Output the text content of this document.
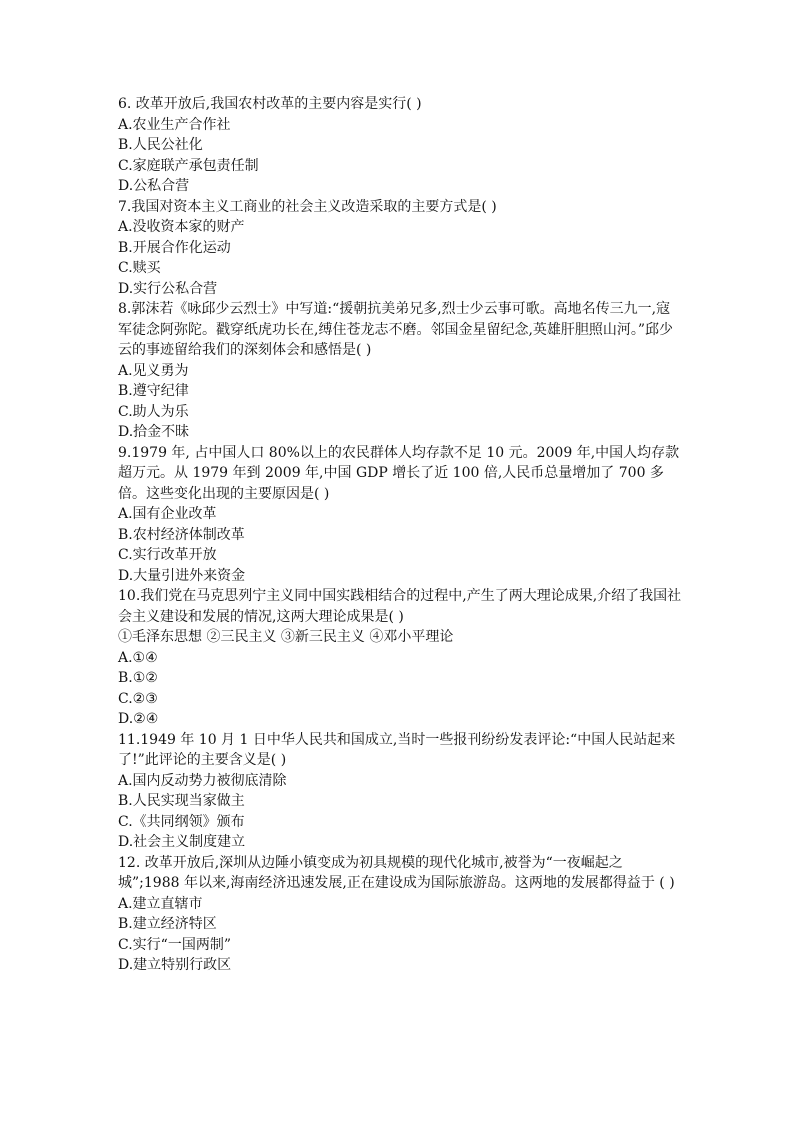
6. 改革开放后,我国农村改革的主要内容是实行( )
A.农业生产合作社
B.人民公社化
C.家庭联产承包责任制
D.公私合营
7.我国对资本主义工商业的社会主义改造采取的主要方式是( )
A.没收资本家的财产
B.开展合作化运动
C.赎买
D.实行公私合营
8.郭沫若《咏邱少云烈士》中写道:“援朝抗美弟兄多,烈士少云事可歌。高地名传三九一,寇军徒念阿弥陀。戳穿纸虎功长在,缚住苍龙志不磨。邻国金星留纪念,英雄肝胆照山河。”邱少云的事迹留给我们的深刻体会和感悟是( )
A.见义勇为
B.遵守纪律
C.助人为乐
D.拾金不昧
9.1979 年, 占中国人口 80%以上的农民群体人均存款不足 10 元。2009 年,中国人均存款超万元。从 1979 年到 2009 年,中国 GDP 增长了近 100 倍,人民币总量增加了 700 多倍。这些变化出现的主要原因是( )
A.国有企业改革
B.农村经济体制改革
C.实行改革开放
D.大量引进外来资金
10.我们党在马克思列宁主义同中国实践相结合的过程中,产生了两大理论成果,介绍了我国社会主义建设和发展的情况,这两大理论成果是( )
①毛泽东思想 ②三民主义 ③新三民主义 ④邓小平理论
A.①④
B.①②
C.②③
D.②④
11.1949 年 10 月 1 日中华人民共和国成立,当时一些报刊纷纷发表评论:“中国人民站起来了!”此评论的主要含义是( )
A.国内反动势力被彻底清除
B.人民实现当家做主
C.《共同纲领》颁布
D.社会主义制度建立
12. 改革开放后,深圳从边陲小镇变成为初具规模的现代化城市,被誉为“一夜崛起之城”;1988 年以来,海南经济迅速发展,正在建设成为国际旅游岛。这两地的发展都得益于 ( )
A.建立直辖市
B.建立经济特区
C.实行“一国两制”
D.建立特别行政区
